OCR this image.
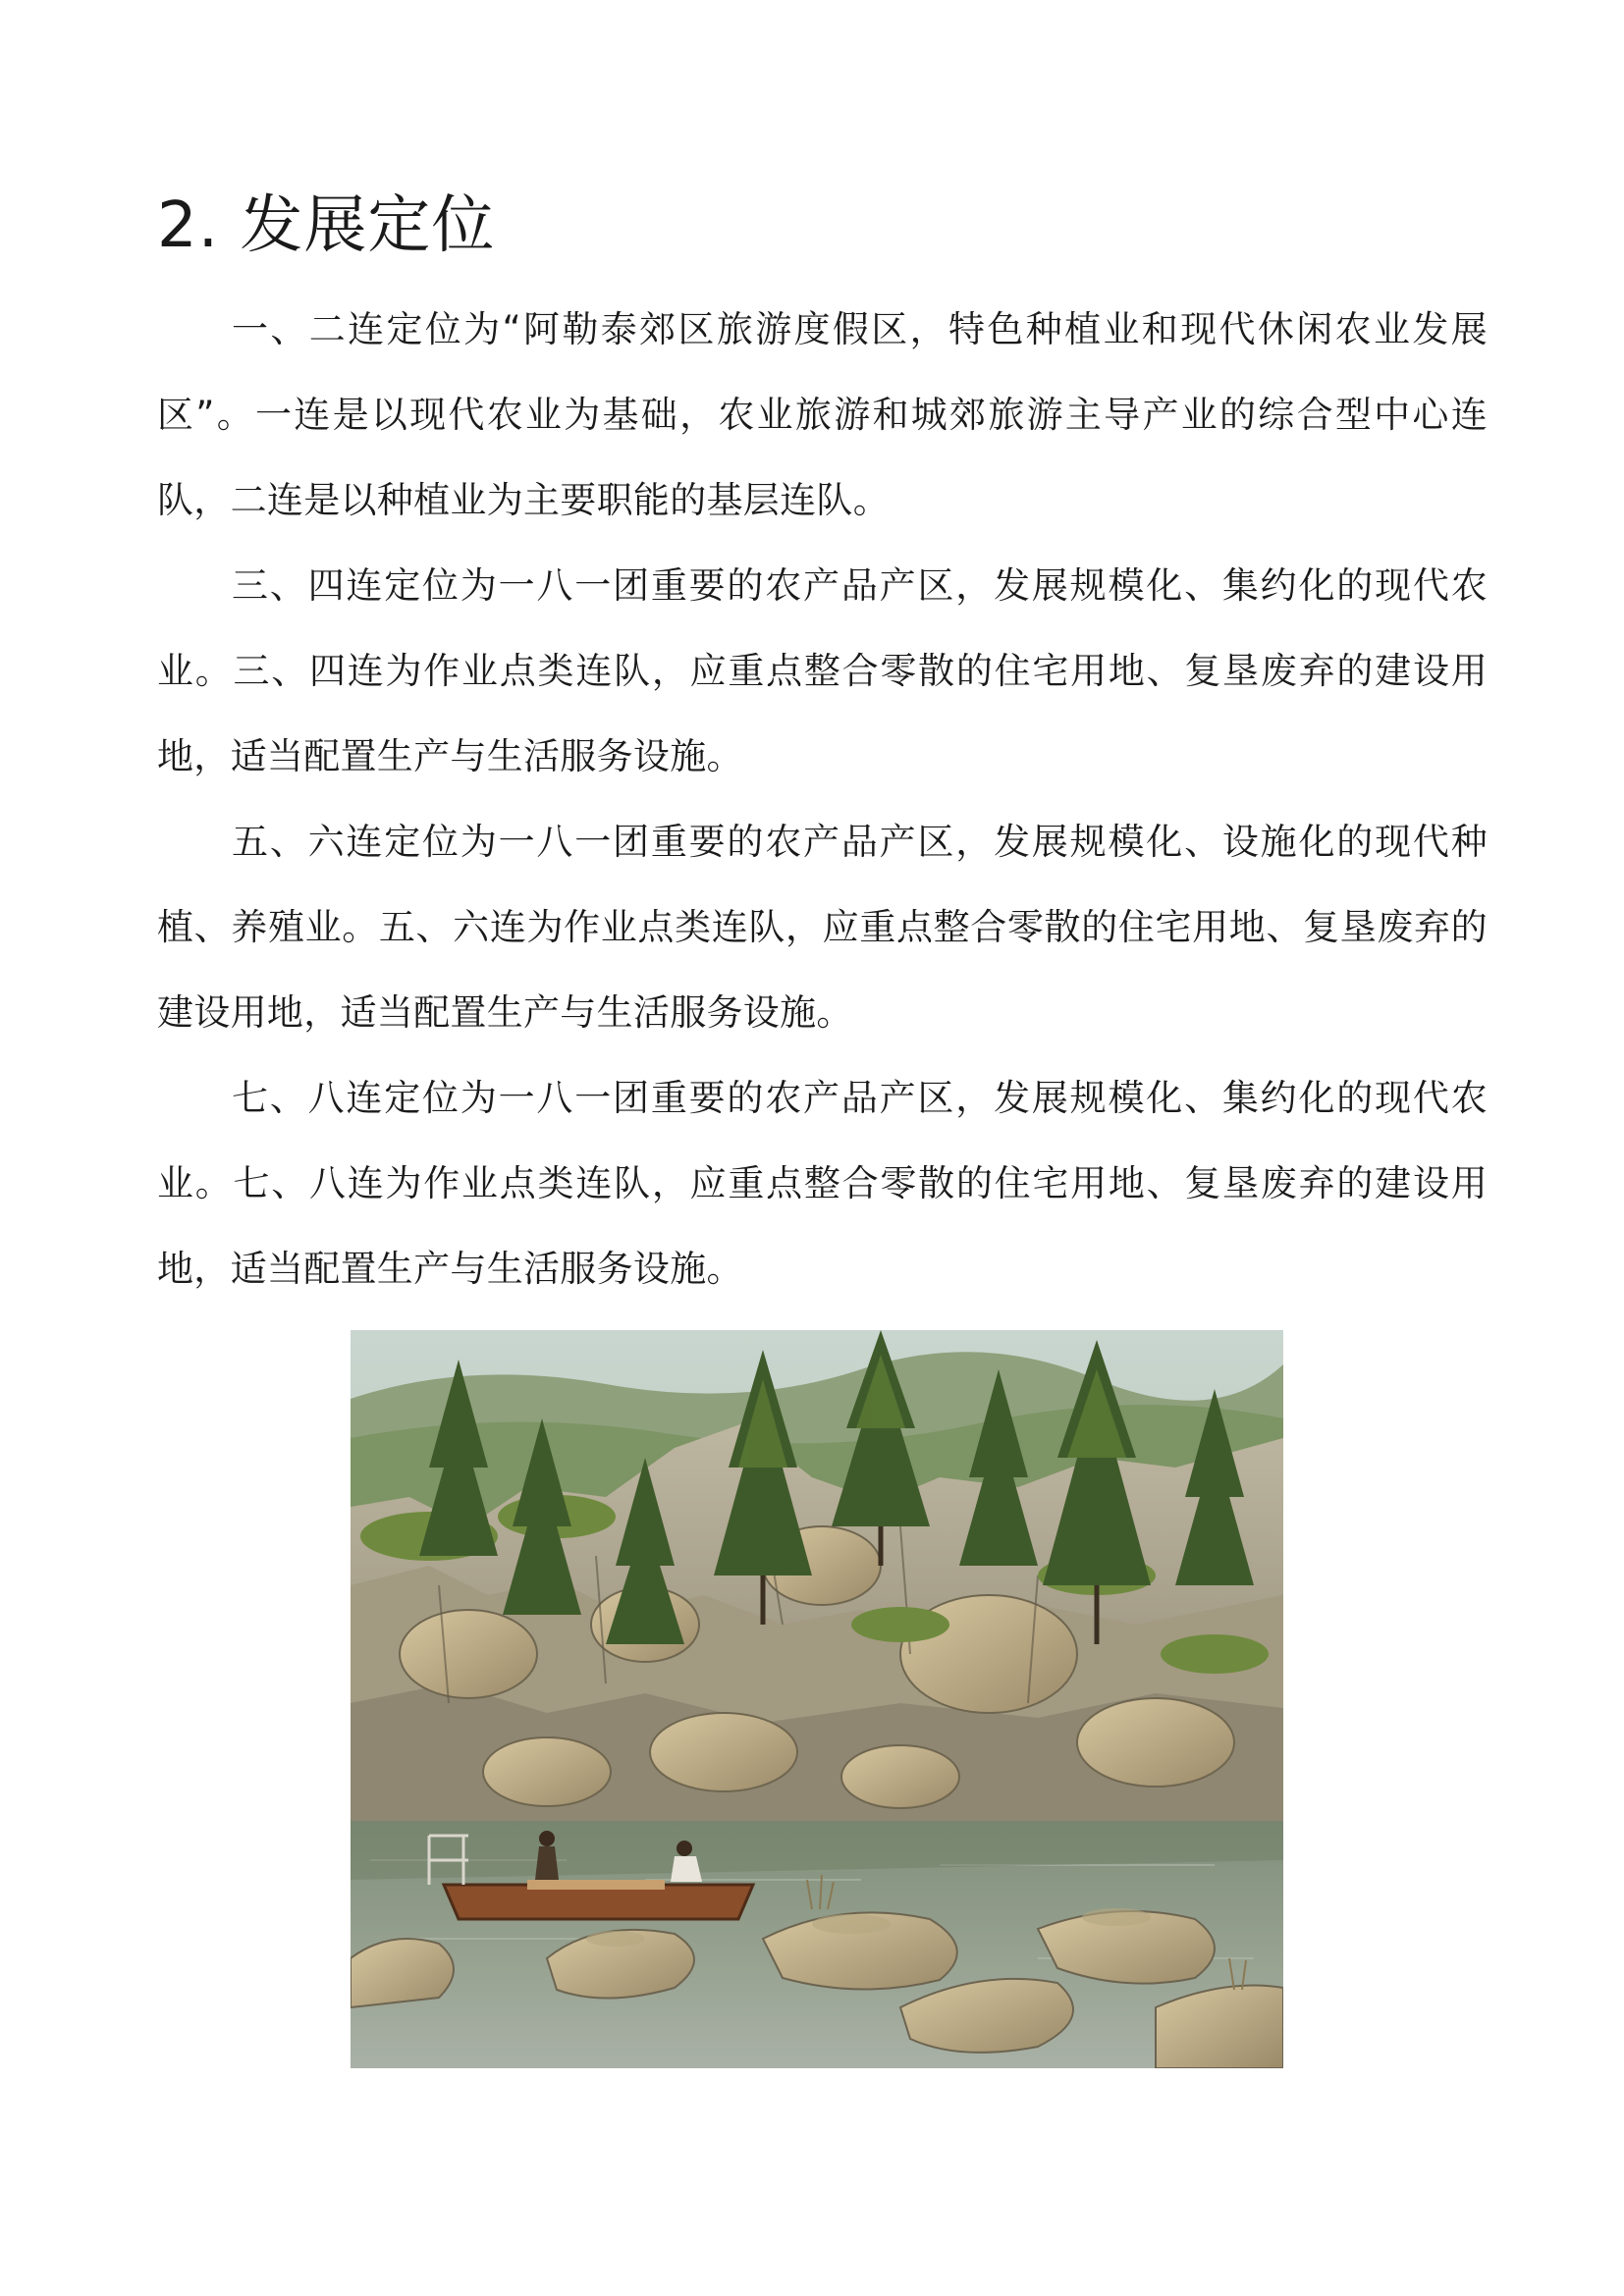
2. 发展定位

一、二连定位为“阿勒泰郊区旅游度假区，特色种植业和现代休闲农业发展区”。一连是以现代农业为基础，农业旅游和城郊旅游主导产业的综合型中心连队，二连是以种植业为主要职能的基层连队。

三、四连定位为一八一团重要的农产品产区，发展规模化、集约化的现代农业。三、四连为作业点类连队，应重点整合零散的住宅用地、复垦废弃的建设用地，适当配置生产与生活服务设施。

五、六连定位为一八一团重要的农产品产区，发展规模化、设施化的现代种植、养殖业。五、六连为作业点类连队，应重点整合零散的住宅用地、复垦废弃的建设用地，适当配置生产与生活服务设施。

七、八连定位为一八一团重要的农产品产区，发展规模化、集约化的现代农业。七、八连为作业点类连队，应重点整合零散的住宅用地、复垦废弃的建设用地，适当配置生产与生活服务设施。
